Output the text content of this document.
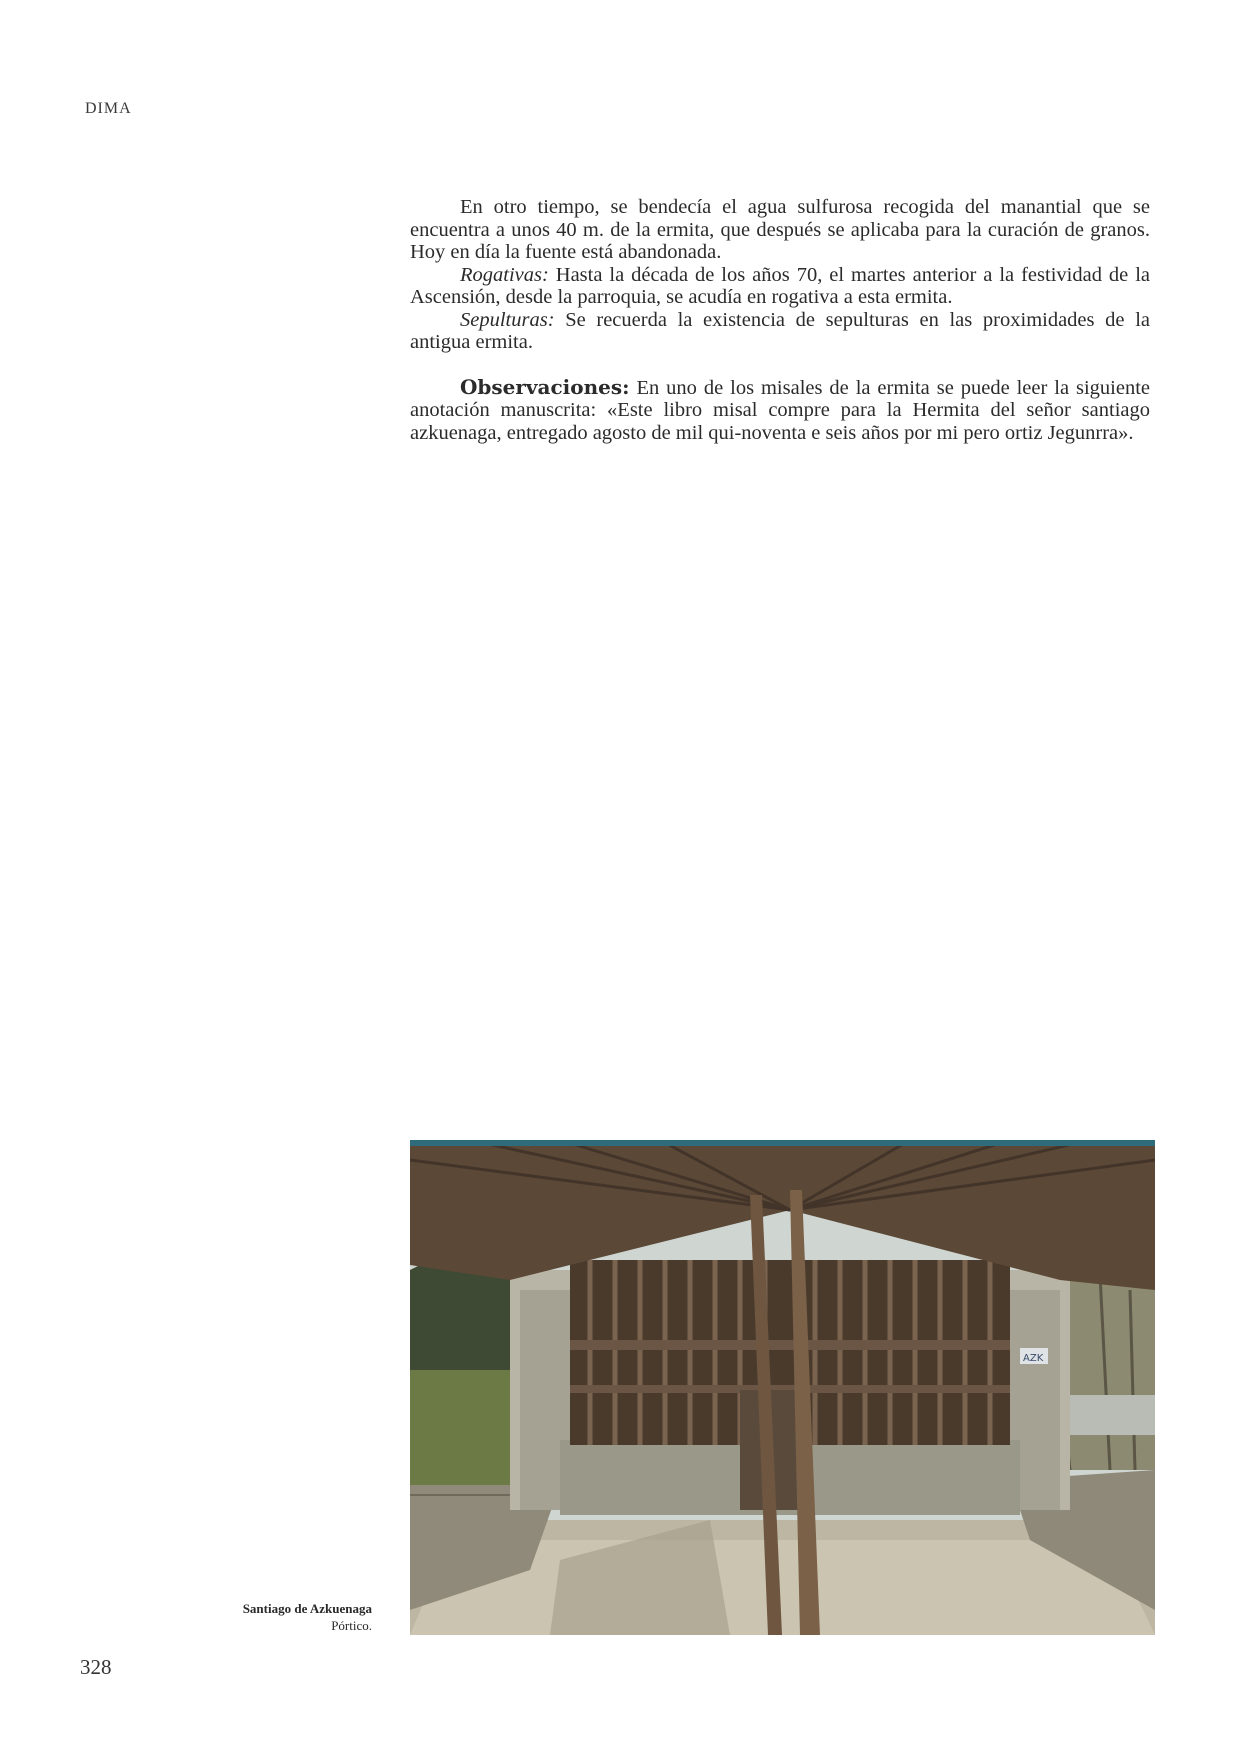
DIMA

En otro tiempo, se bendecía el agua sulfurosa recogida del manantial que se encuentra a unos 40 m. de la ermita, que después se aplicaba para la curación de granos. Hoy en día la fuente está abandonada.

Rogativas: Hasta la década de los años 70, el martes anterior a la festividad de la Ascensión, desde la parroquia, se acudía en rogativa a esta ermita.

Sepulturas: Se recuerda la existencia de sepulturas en las proximidades de la antigua ermita.

Observaciones: En uno de los misales de la ermita se puede leer la siguiente anotación manuscrita: «Este libro misal compre para la Hermita del señor santiago azkuenaga, entregado agosto de mil qui-noventa e seis años por mi pero ortiz Jegunrra».

AZK
Santiago de Azkuenaga
Pórtico.
328
